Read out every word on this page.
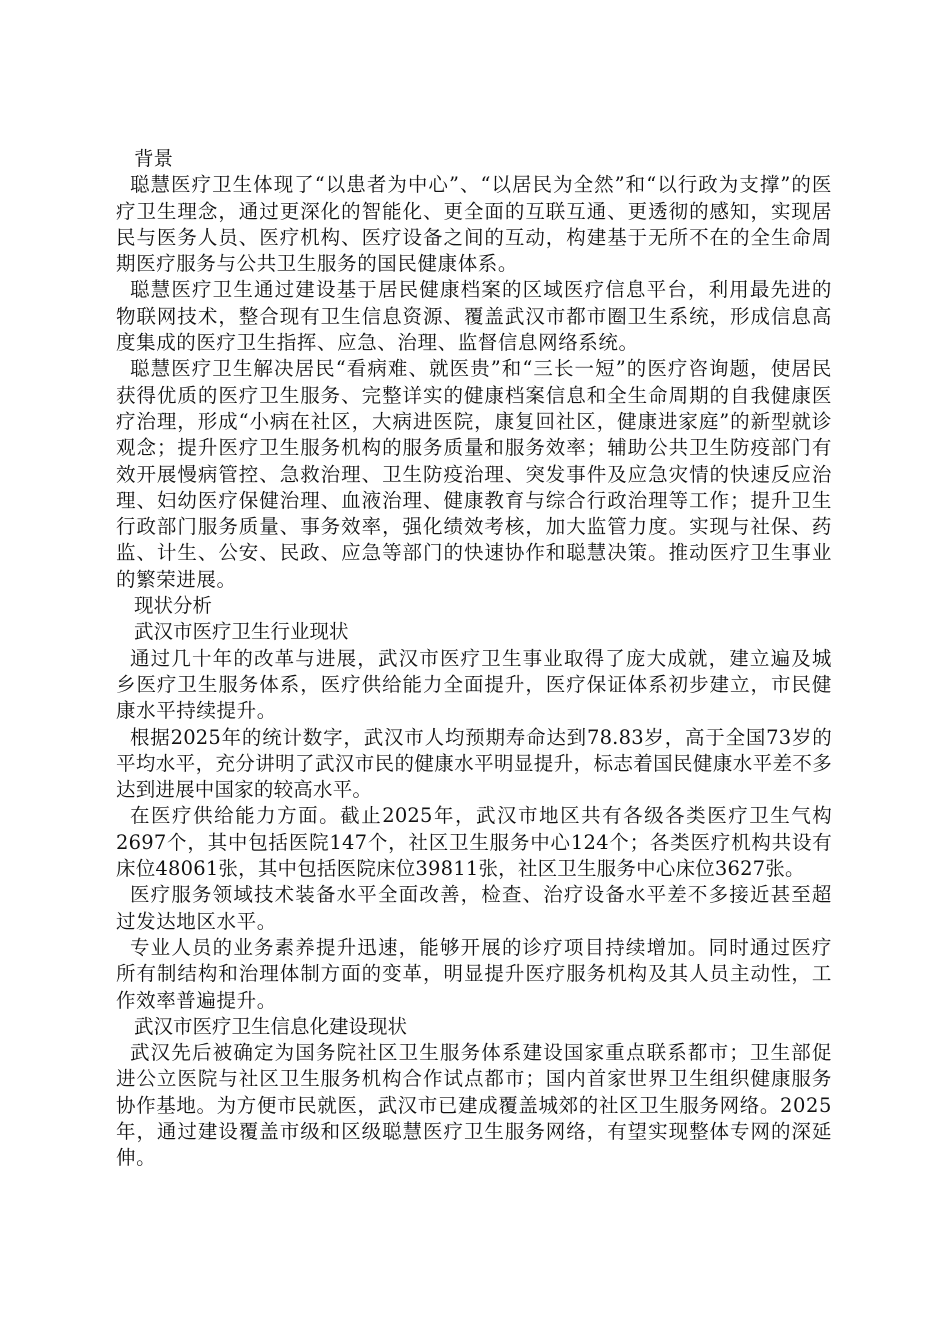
背景

聪慧医疗卫生体现了“以患者为中心”、“以居民为全然”和“以行政为支撑”的医疗卫生理念，通过更深化的智能化、更全面的互联互通、更透彻的感知，实现居民与医务人员、医疗机构、医疗设备之间的互动，构建基于无所不在的全生命周期医疗服务与公共卫生服务的国民健康体系。

聪慧医疗卫生通过建设基于居民健康档案的区域医疗信息平台，利用最先进的物联网技术，整合现有卫生信息资源、覆盖武汉市都市圈卫生系统，形成信息高度集成的医疗卫生指挥、应急、治理、监督信息网络系统。

聪慧医疗卫生解决居民“看病难、就医贵”和“三长一短”的医疗咨询题，使居民获得优质的医疗卫生服务、完整详实的健康档案信息和全生命周期的自我健康医疗治理，形成“小病在社区，大病进医院，康复回社区，健康进家庭”的新型就诊观念；提升医疗卫生服务机构的服务质量和服务效率；辅助公共卫生防疫部门有效开展慢病管控、急救治理、卫生防疫治理、突发事件及应急灾情的快速反应治理、妇幼医疗保健治理、血液治理、健康教育与综合行政治理等工作；提升卫生行政部门服务质量、事务效率，强化绩效考核，加大监管力度。实现与社保、药监、计生、公安、民政、应急等部门的快速协作和聪慧决策。推动医疗卫生事业的繁荣进展。

现状分析

武汉市医疗卫生行业现状

通过几十年的改革与进展，武汉市医疗卫生事业取得了庞大成就，建立遍及城乡医疗卫生服务体系，医疗供给能力全面提升，医疗保证体系初步建立，市民健康水平持续提升。

根据2025年的统计数字，武汉市人均预期寿命达到78.83岁，高于全国73岁的平均水平，充分讲明了武汉市民的健康水平明显提升，标志着国民健康水平差不多达到进展中国家的较高水平。

在医疗供给能力方面。截止2025年，武汉市地区共有各级各类医疗卫生气构2697个，其中包括医院147个，社区卫生服务中心124个；各类医疗机构共设有床位48061张，其中包括医院床位39811张，社区卫生服务中心床位3627张。

医疗服务领域技术装备水平全面改善，检查、治疗设备水平差不多接近甚至超过发达地区水平。

专业人员的业务素养提升迅速，能够开展的诊疗项目持续增加。同时通过医疗所有制结构和治理体制方面的变革，明显提升医疗服务机构及其人员主动性，工作效率普遍提升。

武汉市医疗卫生信息化建设现状

武汉先后被确定为国务院社区卫生服务体系建设国家重点联系都市；卫生部促进公立医院与社区卫生服务机构合作试点都市；国内首家世界卫生组织健康服务协作基地。为方便市民就医，武汉市已建成覆盖城郊的社区卫生服务网络。2025年，通过建设覆盖市级和区级聪慧医疗卫生服务网络，有望实现整体专网的深延伸。
